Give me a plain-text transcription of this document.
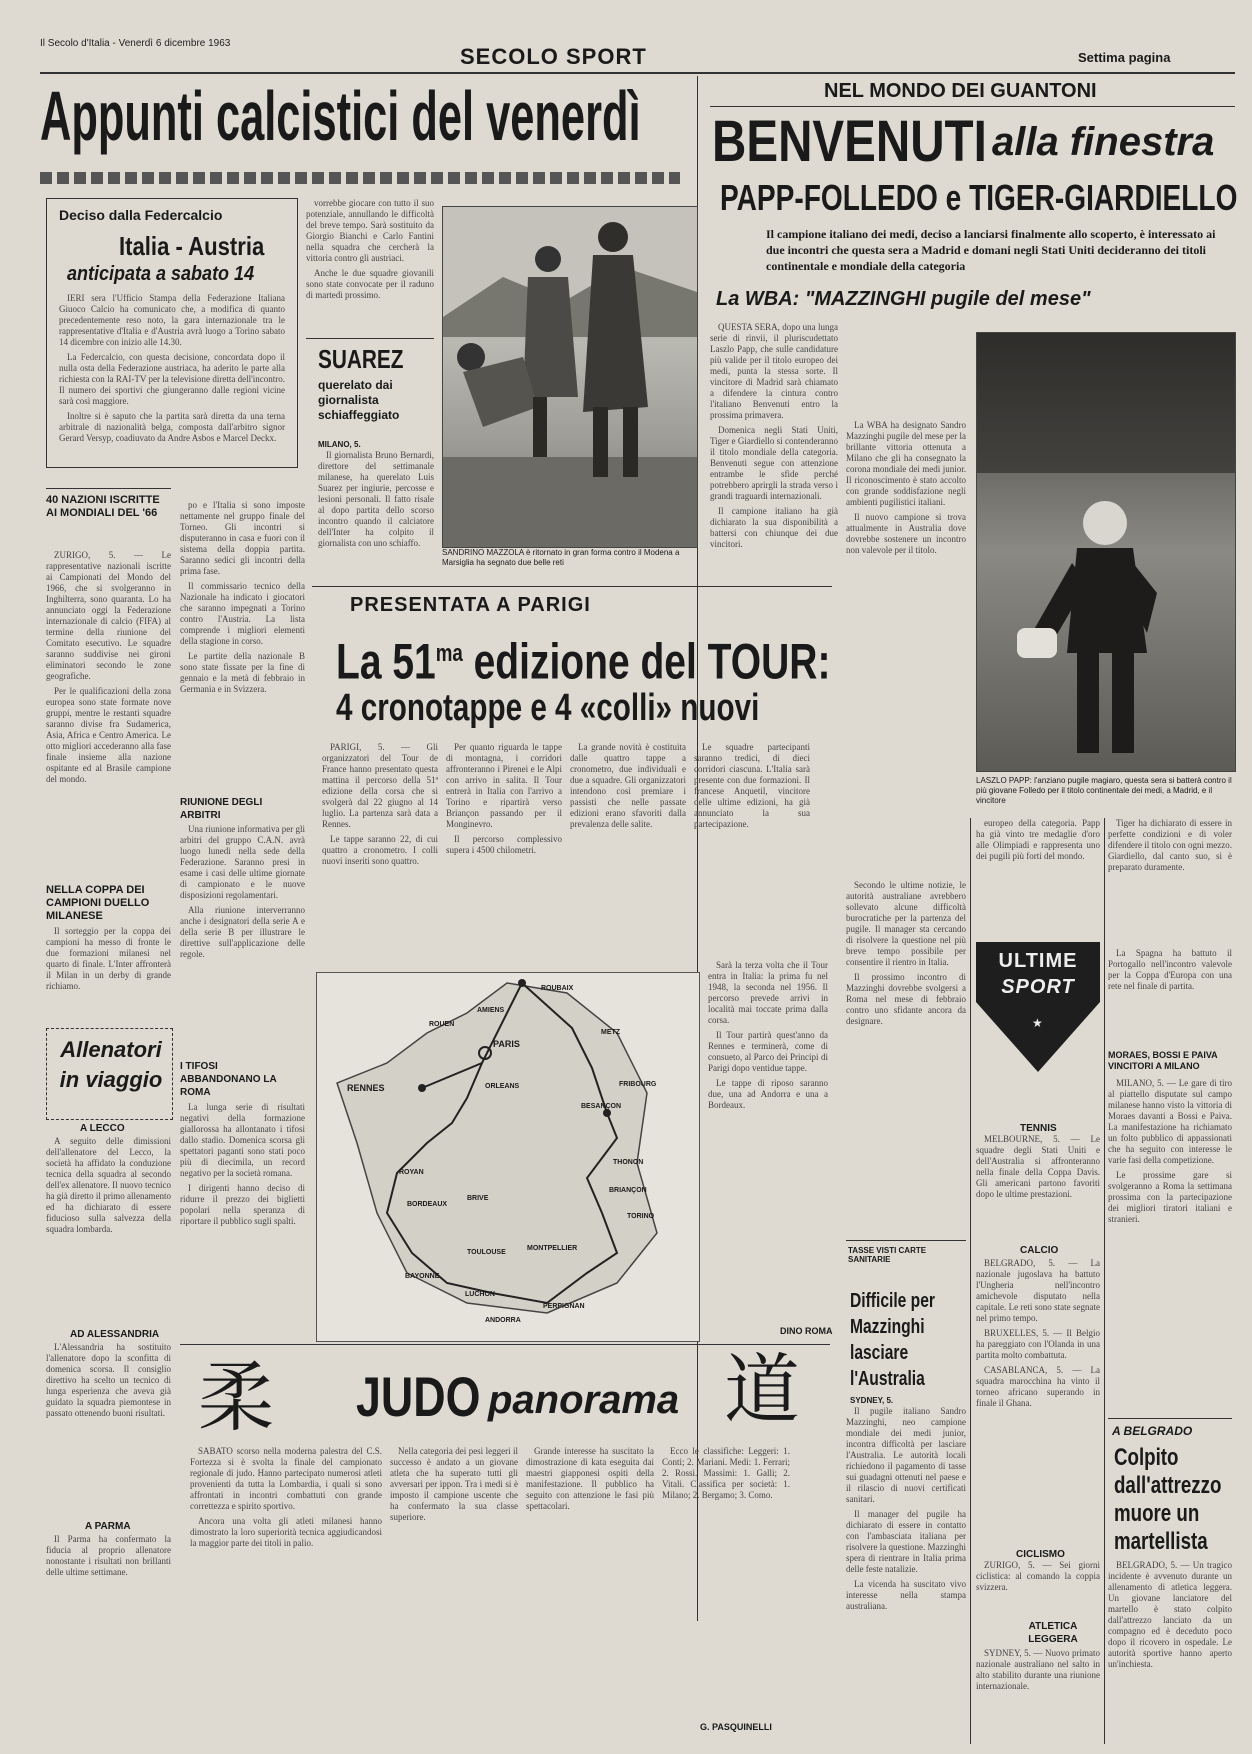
Il Secolo d'Italia - Venerdì 6 dicembre 1963
SECOLO SPORT	Settima pagina
Appunti calcistici del venerdì
Deciso dalla Federcalcio
Italia - Austria
anticipata a sabato 14

IERI sera l'Ufficio Stampa della Federazione Italiana Giuoco Calcio ha comunicato che, a modifica di quanto precedentemente reso noto, la gara internazionale tra le rappresentative d'Italia e d'Austria avrà luogo a Torino sabato 14 dicembre con inizio alle 14.30.

La Federcalcio, con questa decisione, concordata dopo il nulla osta della Federazione austriaca, ha aderito le parte alla richiesta con la RAI-TV per la televisione diretta dell'incontro. Il numero dei sportivi che giungeranno dalle regioni vicine sarà così maggiore.

Inoltre si è saputo che la partita sarà diretta da una terna arbitrale di nazionalità belga, composta dall'arbitro signor Gerard Versyp, coadiuvato da Andre Asbos e Marcel Deckx.

vorrebbe giocare con tutto il suo potenziale, annullando le difficoltà del breve tempo. Sarà sostituito da Giorgio Bianchi e Carlo Fantini nella squadra che cercherà la vittoria contro gli austriaci.

Anche le due squadre giovanili sono state convocate per il raduno di martedì prossimo.

SUAREZ
querelato dai giornalista schiaffeggiato
MILANO, 5.

Il giornalista Bruno Bernardi, direttore del settimanale milanese, ha querelato Luis Suarez per ingiurie, percosse e lesioni personali. Il fatto risale al dopo partita dello scorso incontro quando il calciatore dell'Inter ha colpito il giornalista con uno schiaffo.

SANDRINO MAZZOLA è ritornato in gran forma contro il Modena a Marsiglia ha segnato due belle reti
40 NAZIONI ISCRITTE AI MONDIALI DEL '66

ZURIGO, 5. — Le rappresentative nazionali iscritte ai Campionati del Mondo del 1966, che si svolgeranno in Inghilterra, sono quaranta. Lo ha annunciato oggi la Federazione internazionale di calcio (FIFA) al termine della riunione del Comitato esecutivo. Le squadre saranno suddivise nei gironi eliminatori secondo le zone geografiche.

Per le qualificazioni della zona europea sono state formate nove gruppi, mentre le restanti squadre saranno divise fra Sudamerica, Asia, Africa e Centro America. Le otto migliori accederanno alla fase finale insieme alla nazione ospitante ed al Brasile campione del mondo.

NELLA COPPA DEI CAMPIONI DUELLO MILANESE

Il sorteggio per la coppa dei campioni ha messo di fronte le due formazioni milanesi nel quarto di finale. L'Inter affronterà il Milan in un derby di grande richiamo.

po e l'Italia si sono imposte nettamente nel gruppo finale del Torneo. Gli incontri si disputeranno in casa e fuori con il sistema della doppia partita. Saranno sedici gli incontri della prima fase.

Il commissario tecnico della Nazionale ha indicato i giocatori che saranno impegnati a Torino contro l'Austria. La lista comprende i migliori elementi della stagione in corso.

Le partite della nazionale B sono state fissate per la fine di gennaio e la metà di febbraio in Germania e in Svizzera.

RIUNIONE DEGLI ARBITRI

Una riunione informativa per gli arbitri del gruppo C.A.N. avrà luogo lunedì nella sede della Federazione. Saranno presi in esame i casi delle ultime giornate di campionato e le nuove disposizioni regolamentari.

Alla riunione interverranno anche i designatori della serie A e della serie B per illustrare le direttive sull'applicazione delle regole.

I TIFOSI ABBANDONANO LA ROMA

La lunga serie di risultati negativi della formazione giallorossa ha allontanato i tifosi dallo stadio. Domenica scorsa gli spettatori paganti sono stati poco più di diecimila, un record negativo per la società romana.

I dirigenti hanno deciso di ridurre il prezzo dei biglietti popolari nella speranza di riportare il pubblico sugli spalti.

Allenatori in viaggio
A LECCO

A seguito delle dimissioni dell'allenatore del Lecco, la società ha affidato la conduzione tecnica della squadra al secondo dell'ex allenatore. Il nuovo tecnico ha già diretto il primo allenamento ed ha dichiarato di essere fiducioso sulla salvezza della squadra lombarda.

AD ALESSANDRIA

L'Alessandria ha sostituito l'allenatore dopo la sconfitta di domenica scorsa. Il consiglio direttivo ha scelto un tecnico di lunga esperienza che aveva già guidato la squadra piemontese in passato ottenendo buoni risultati.

A PARMA

Il Parma ha confermato la fiducia al proprio allenatore nonostante i risultati non brillanti delle ultime settimane.

PRESENTATA A PARIGI
La $51^{ma}$ edizione del TOUR:
4 cronotappe e 4 «colli» nuovi

PARIGI, 5. — Gli organizzatori del Tour de France hanno presentato questa mattina il percorso della 51ª edizione della corsa che si svolgerà dal 22 giugno al 14 luglio. La partenza sarà data a Rennes.

Le tappe saranno 22, di cui quattro a cronometro. I colli nuovi inseriti sono quattro.

Per quanto riguarda le tappe di montagna, i corridori affronteranno i Pirenei e le Alpi con arrivo in salita. Il Tour entrerà in Italia con l'arrivo a Torino e ripartirà verso Briançon passando per il Monginevro.

Il percorso complessivo supera i 4500 chilometri.

La grande novità è costituita dalle quattro tappe a cronometro, due individuali e due a squadre. Gli organizzatori intendono così premiare i passisti che nelle passate edizioni erano sfavoriti dalla prevalenza delle salite.

Le squadre partecipanti saranno tredici, di dieci corridori ciascuna. L'Italia sarà presente con due formazioni. Il francese Anquetil, vincitore delle ultime edizioni, ha già annunciato la sua partecipazione.

Sarà la terza volta che il Tour entra in Italia: la prima fu nel 1948, la seconda nel 1956. Il percorso prevede arrivi in località mai toccate prima dalla corsa.

Il Tour partirà quest'anno da Rennes e terminerà, come di consueto, al Parco dei Principi di Parigi dopo ventidue tappe.

Le tappe di riposo saranno due, una ad Andorra e una a Bordeaux.

DINO ROMA
ROUBAIX
AMIENS
ROUEN
PARIS
METZ
RENNES	FRIBOURG
ORLEANS
BESANÇON
ROYAN
BORDEAUX
BRIVE
TOULOUSE
MONTPELLIER
LUCHON
ANDORRA
TORINO
BAYONNE
PERPIGNAN
THONON
BRIANÇON
柔 JUDO panorama 道

SABATO scorso nella moderna palestra del C.S. Fortezza si è svolta la finale del campionato regionale di judo. Hanno partecipato numerosi atleti provenienti da tutta la Lombardia, i quali si sono affrontati in incontri combattuti con grande correttezza e spirito sportivo.

Ancora una volta gli atleti milanesi hanno dimostrato la loro superiorità tecnica aggiudicandosi la maggior parte dei titoli in palio.

Nella categoria dei pesi leggeri il successo è andato a un giovane atleta che ha superato tutti gli avversari per ippon. Tra i medi si è imposto il campione uscente che ha confermato la sua classe superiore.

Grande interesse ha suscitato la dimostrazione di kata eseguita dai maestri giapponesi ospiti della manifestazione. Il pubblico ha seguito con attenzione le fasi più spettacolari.

Ecco le classifiche: Leggeri: 1. Conti; 2. Mariani. Medi: 1. Ferrari; 2. Rossi. Massimi: 1. Galli; 2. Vitali. Classifica per società: 1. Milano; 2. Bergamo; 3. Como.

G. PASQUINELLI
NEL MONDO DEI GUANTONI
BENVENUTI alla finestra
PAPP-FOLLEDO e TIGER-GIARDIELLO
Il campione italiano dei medi, deciso a lanciarsi finalmente allo scoperto, è interessato ai due incontri che questa sera a Madrid e domani negli Stati Uniti decideranno dei titoli continentale e mondiale della categoria
La WBA: "MAZZINGHI pugile del mese"

QUESTA SERA, dopo una lunga serie di rinvii, il pluriscudettato Laszlo Papp, che sulle candidature più valide per il titolo europeo dei medi, punta la stessa sorte. Il vincitore di Madrid sarà chiamato a difendere la cintura contro l'italiano Benvenuti entro la prossima primavera.

Domenica negli Stati Uniti, Tiger e Giardiello si contenderanno il titolo mondiale della categoria. Benvenuti segue con attenzione entrambe le sfide perché potrebbero aprirgli la strada verso i grandi traguardi internazionali.

Il campione italiano ha già dichiarato la sua disponibilità a battersi con chiunque dei due vincitori.

La WBA ha designato Sandro Mazzinghi pugile del mese per la brillante vittoria ottenuta a Milano che gli ha consegnato la corona mondiale dei medi junior. Il riconoscimento è stato accolto con grande soddisfazione negli ambienti pugilistici italiani.

Il nuovo campione si trova attualmente in Australia dove dovrebbe sostenere un incontro non valevole per il titolo.

Secondo le ultime notizie, le autorità australiane avrebbero sollevato alcune difficoltà burocratiche per la partenza del pugile. Il manager sta cercando di risolvere la questione nel più breve tempo possibile per consentire il rientro in Italia.

Il prossimo incontro di Mazzinghi dovrebbe svolgersi a Roma nel mese di febbraio contro uno sfidante ancora da designare.

LASZLO PAPP: l'anziano pugile magiaro, questa sera si batterà contro il più giovane Folledo per il titolo continentale dei medi, a Madrid, e il vincitore

europeo della categoria. Papp ha già vinto tre medaglie d'oro alle Olimpiadi e rappresenta uno dei pugili più forti del mondo.

Tiger ha dichiarato di essere in perfette condizioni e di voler difendere il titolo con ogni mezzo. Giardiello, dal canto suo, si è preparato duramente.

ULTIME
SPORT
★

La Spagna ha battuto il Portogallo nell'incontro valevole per la Coppa d'Europa con una rete nel finale di partita.

MORAES, BOSSI E PAIVA VINCITORI A MILANO

MILANO, 5. — Le gare di tiro al piattello disputate sul campo milanese hanno visto la vittoria di Moraes davanti a Bossi e Paiva. La manifestazione ha richiamato un folto pubblico di appassionati che ha seguito con interesse le varie fasi della competizione.

Le prossime gare si svolgeranno a Roma la settimana prossima con la partecipazione dei migliori tiratori italiani e stranieri.

TENNIS

MELBOURNE, 5. — Le squadre degli Stati Uniti e dell'Australia si affronteranno nella finale della Coppa Davis. Gli americani partono favoriti dopo le ultime prestazioni.

CALCIO

BELGRADO, 5. — La nazionale jugoslava ha battuto l'Ungheria nell'incontro amichevole disputato nella capitale. Le reti sono state segnate nel primo tempo.

BRUXELLES, 5. — Il Belgio ha pareggiato con l'Olanda in una partita molto combattuta.

CASABLANCA, 5. — La squadra marocchina ha vinto il torneo africano superando in finale il Ghana.

CICLISMO

ZURIGO, 5. — Sei giorni ciclistica: al comando la coppia svizzera.

ATLETICA LEGGERA

SYDNEY, 5. — Nuovo primato nazionale australiano nel salto in alto stabilito durante una riunione internazionale.

TASSE VISTI CARTE SANITARIE
Difficile per Mazzinghi lasciare l'Australia
SYDNEY, 5.

Il pugile italiano Sandro Mazzinghi, neo campione mondiale dei medi junior, incontra difficoltà per lasciare l'Australia. Le autorità locali richiedono il pagamento di tasse sui guadagni ottenuti nel paese e il rilascio di nuovi certificati sanitari.

Il manager del pugile ha dichiarato di essere in contatto con l'ambasciata italiana per risolvere la questione. Mazzinghi spera di rientrare in Italia prima delle feste natalizie.

La vicenda ha suscitato vivo interesse nella stampa australiana.

A BELGRADO
Colpito dall'attrezzo muore un martellista

BELGRADO, 5. — Un tragico incidente è avvenuto durante un allenamento di atletica leggera. Un giovane lanciatore del martello è stato colpito dall'attrezzo lanciato da un compagno ed è deceduto poco dopo il ricovero in ospedale. Le autorità sportive hanno aperto un'inchiesta.
